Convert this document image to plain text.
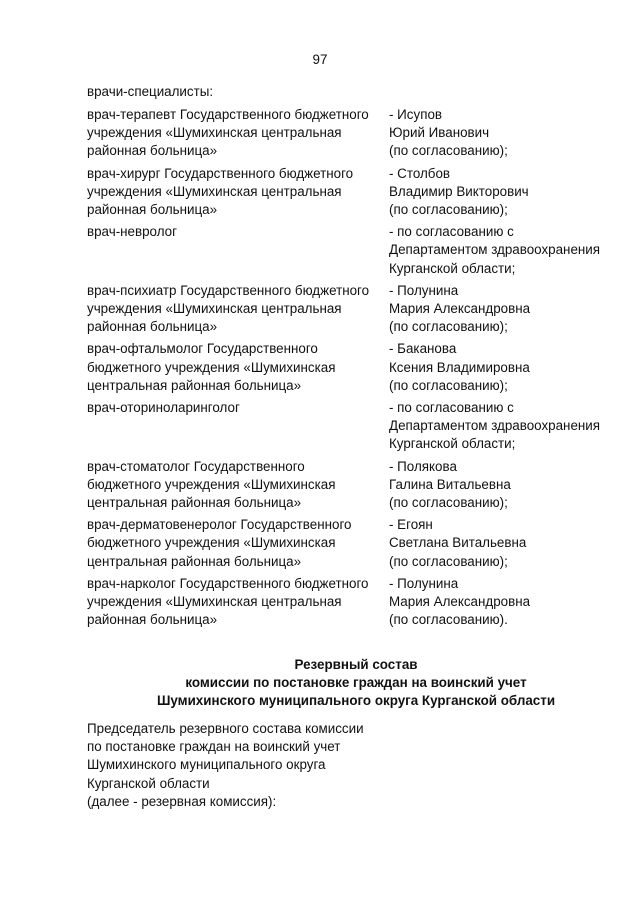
97
врачи-специалисты:
врач-терапевт Государственного бюджетного
учреждения «Шумихинская центральная
районная больница»
- Исупов
Юрий Иванович
(по согласованию);
врач-хирург Государственного бюджетного
учреждения «Шумихинская центральная
районная больница»
- Столбов
Владимир Викторович
(по согласованию);
врач-невролог	- по согласованию с
Департаментом здравоохранения
Курганской области;
врач-психиатр Государственного бюджетного
учреждения «Шумихинская центральная
районная больница»
- Полунина
Мария Александровна
(по согласованию);
врач-офтальмолог Государственного
бюджетного учреждения «Шумихинская
центральная районная больница»
- Баканова
Ксения Владимировна
(по согласованию);
врач-оториноларинголог	- по согласованию с
Департаментом здравоохранения
Курганской области;
врач-стоматолог Государственного
бюджетного учреждения «Шумихинская
центральная районная больница»
- Полякова
Галина Витальевна
(по согласованию);
врач-дерматовенеролог Государственного
бюджетного учреждения «Шумихинская
центральная районная больница»
- Егоян
Светлана Витальевна
(по согласованию);
врач-нарколог Государственного бюджетного
учреждения «Шумихинская центральная
районная больница»
- Полунина
Мария Александровна
(по согласованию).
Резервный состав
комиссии по постановке граждан на воинский учет
Шумихинского муниципального округа Курганской области
Председатель резервного состава комиссии
по постановке граждан на воинский учет
Шумихинского муниципального округа
Курганской области
(далее - резервная комиссия):
